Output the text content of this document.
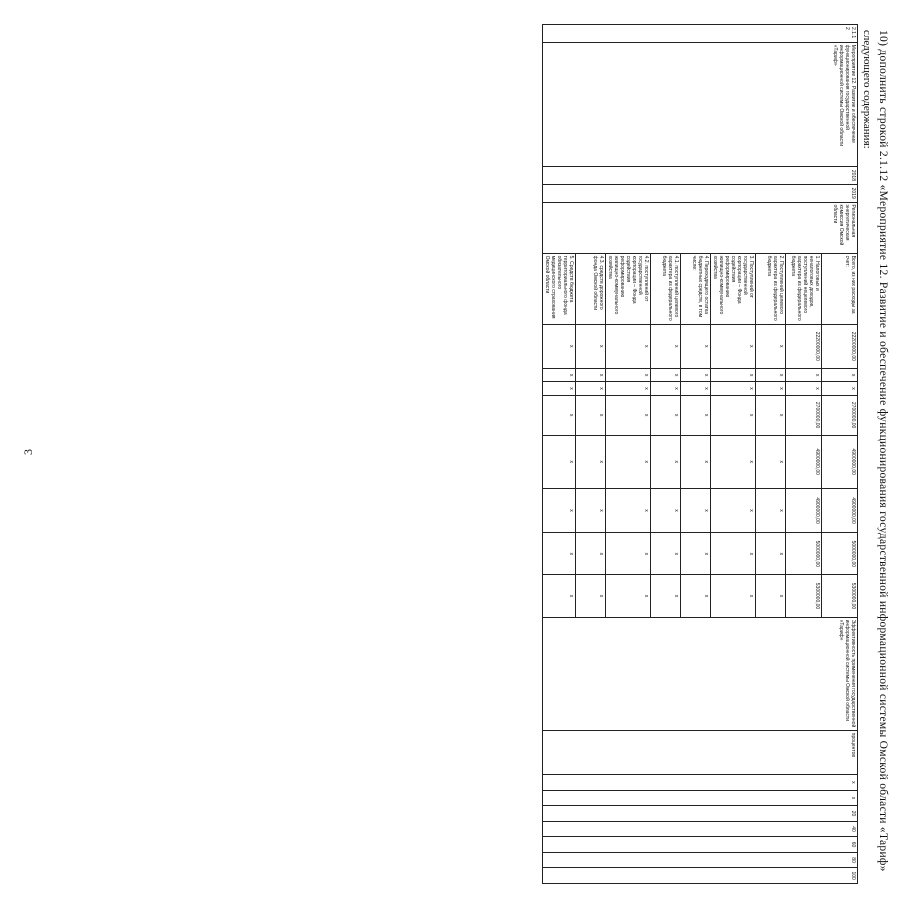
3	10) дополнить строкой 2.1.12 «Мероприятие 12. Развитие и обеспечение функционирования государственной информационной системы Омской области «Тариф»
следующего содержания:
2.1.12	Мероприятие 12. Развитие и обеспечение функционирования государственной информационной системы Омской области «Тариф»	2018	2019	Региональная энергетическая комиссия Омской области	Всего, из них расходы за счет:	22200000,00	x	x	2700000,00	4900000,00	4900000,00	5000000,00	5300000,00	Эффективность применения государственной информационной системы Омской области «Тариф»	процентов	x	x	20	40	60	80	100
					1. Налоговых и неналоговых доходов, поступлений нецелевого характера из федерального бюджета	22200000,00	x	x	2700000,00	4900000,00	4900000,00	5000000,00	5300000,00									
					2. Поступлений целевого характера из федерального бюджета	x	x	x	x	x	x	x	x									
					3. Поступлений от государственной корпорации – Фонда содействия реформированию жилищно-коммунального хозяйства	x	x	x	x	x	x	x	x									
					4. Переходящего остатка бюджетных средств, в том числе:	x	x	x	x	x	x	x	x									
					4.1. поступлений целевого характера из федерального бюджета	x	x	x	x	x	x	x	x									
					4.2. поступлений от государственной корпорации – Фонда содействия реформированию жилищно-коммунального хозяйства	x	x	x	x	x	x	x	x									
					4.3. средств дорожного фонда Омской области	x	x	x	x	x	x	x	x									
					5. Средств бюджета территориального фонда обязательного медицинского страхования Омской области	x	x	x	x	x	x	x	x									
